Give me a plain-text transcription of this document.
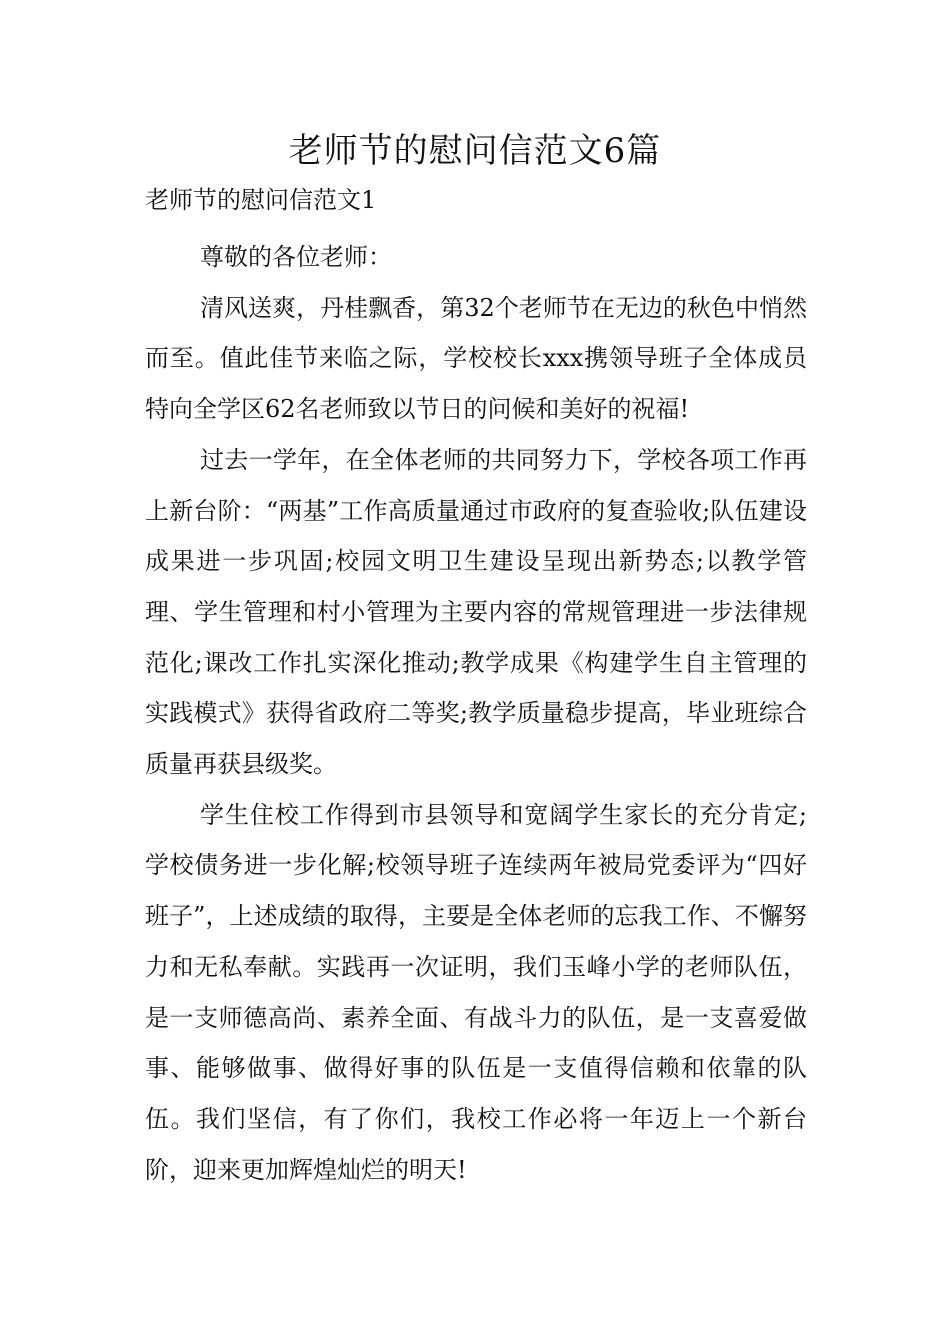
老师节的慰问信范文6篇
老师节的慰问信范文1

尊敬的各位老师：

清风送爽，丹桂飘香，第32个老师节在无边的秋色中悄然而至。值此佳节来临之际，学校校长xxx携领导班子全体成员特向全学区62名老师致以节日的问候和美好的祝福!

过去一学年，在全体老师的共同努力下，学校各项工作再上新台阶：“两基”工作高质量通过市政府的复查验收;队伍建设成果进一步巩固;校园文明卫生建设呈现出新势态;以教学管理、学生管理和村小管理为主要内容的常规管理进一步法律规范化;课改工作扎实深化推动;教学成果《构建学生自主管理的实践模式》获得省政府二等奖;教学质量稳步提高，毕业班综合质量再获县级奖。

学生住校工作得到市县领导和宽阔学生家长的充分肯定;学校债务进一步化解;校领导班子连续两年被局党委评为“四好班子”，上述成绩的取得，主要是全体老师的忘我工作、不懈努力和无私奉献。实践再一次证明，我们玉峰小学的老师队伍，是一支师德高尚、素养全面、有战斗力的队伍，是一支喜爱做事、能够做事、做得好事的队伍是一支值得信赖和依靠的队伍。我们坚信，有了你们，我校工作必将一年迈上一个新台阶，迎来更加辉煌灿烂的明天!
